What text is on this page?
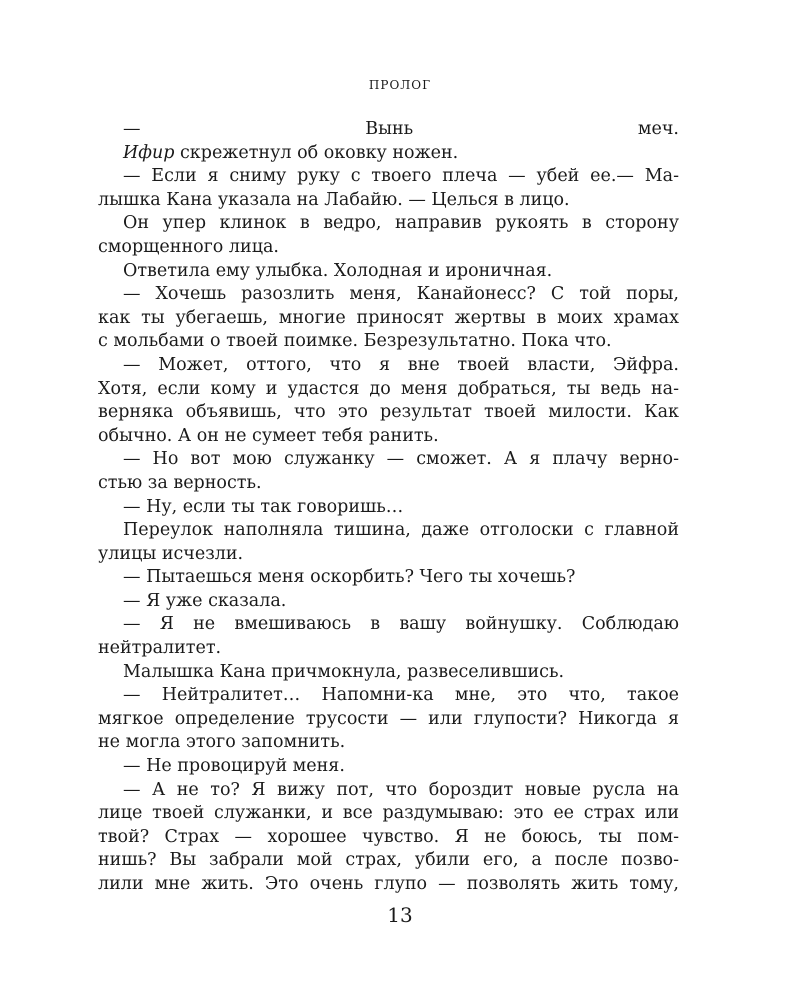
ПРОЛОГ
— Вынь меч.
Ифир скрежетнул об оковку ножен.
— Если я сниму руку с твоего плеча — убей ее.— Ма-
лышка Кана указала на Лабайю. — Целься в лицо.
Он упер клинок в ведро, направив рукоять в сторону
сморщенного лица.
Ответила ему улыбка. Холодная и ироничная.
— Хочешь разозлить меня, Канайонесс? С той поры,
как ты убегаешь, многие приносят жертвы в моих храмах
с мольбами о твоей поимке. Безрезультатно. Пока что.
— Может, оттого, что я вне твоей власти, Эйфра.
Хотя, если кому и удастся до меня добраться, ты ведь на-
верняка объявишь, что это результат твоей милости. Как
обычно. А он не сумеет тебя ранить.
— Но вот мою служанку — сможет. А я плачу верно-
стью за верность.
— Ну, если ты так говоришь…
Переулок наполняла тишина, даже отголоски с главной
улицы исчезли.
— Пытаешься меня оскорбить? Чего ты хочешь?
— Я уже сказала.
— Я не вмешиваюсь в вашу войнушку. Соблюдаю
нейтралитет.
Малышка Кана причмокнула, развеселившись.
— Нейтралитет… Напомни-ка мне, это что, такое
мягкое определение трусости — или глупости? Никогда я
не могла этого запомнить.
— Не провоцируй меня.
— А не то? Я вижу пот, что бороздит новые русла на
лице твоей служанки, и все раздумываю: это ее страх или
твой? Страх — хорошее чувство. Я не боюсь, ты пом-
нишь? Вы забрали мой страх, убили его, а после позво-
лили мне жить. Это очень глупо — позволять жить тому,
13
